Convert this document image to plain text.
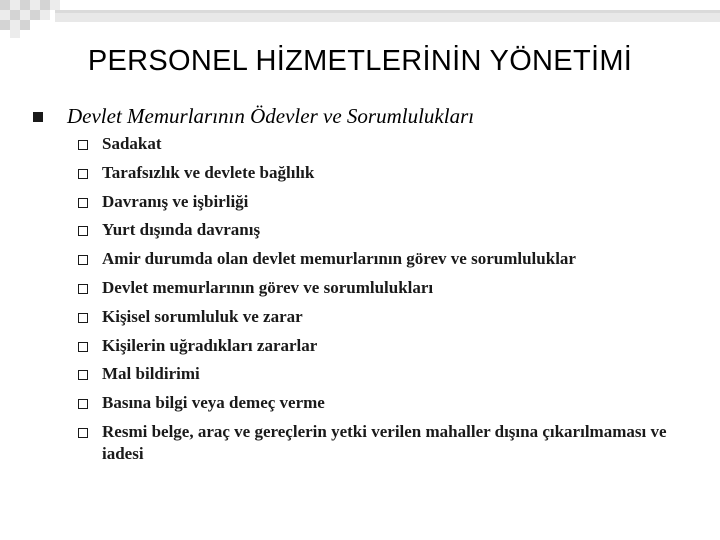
PERSONEL HİZMETLERİNİN YÖNETİMİ
Devlet Memurlarının Ödevler ve Sorumlulukları
Sadakat
Tarafsızlık ve devlete bağlılık
Davranış ve işbirliği
Yurt dışında davranış
Amir durumda olan devlet memurlarının görev ve sorumluluklar
Devlet memurlarının görev ve sorumlulukları
Kişisel sorumluluk ve zarar
Kişilerin uğradıkları zararlar
Mal bildirimi
Basına bilgi veya demeç verme
Resmi belge, araç ve gereçlerin yetki verilen mahaller dışına çıkarılmaması ve iadesi
